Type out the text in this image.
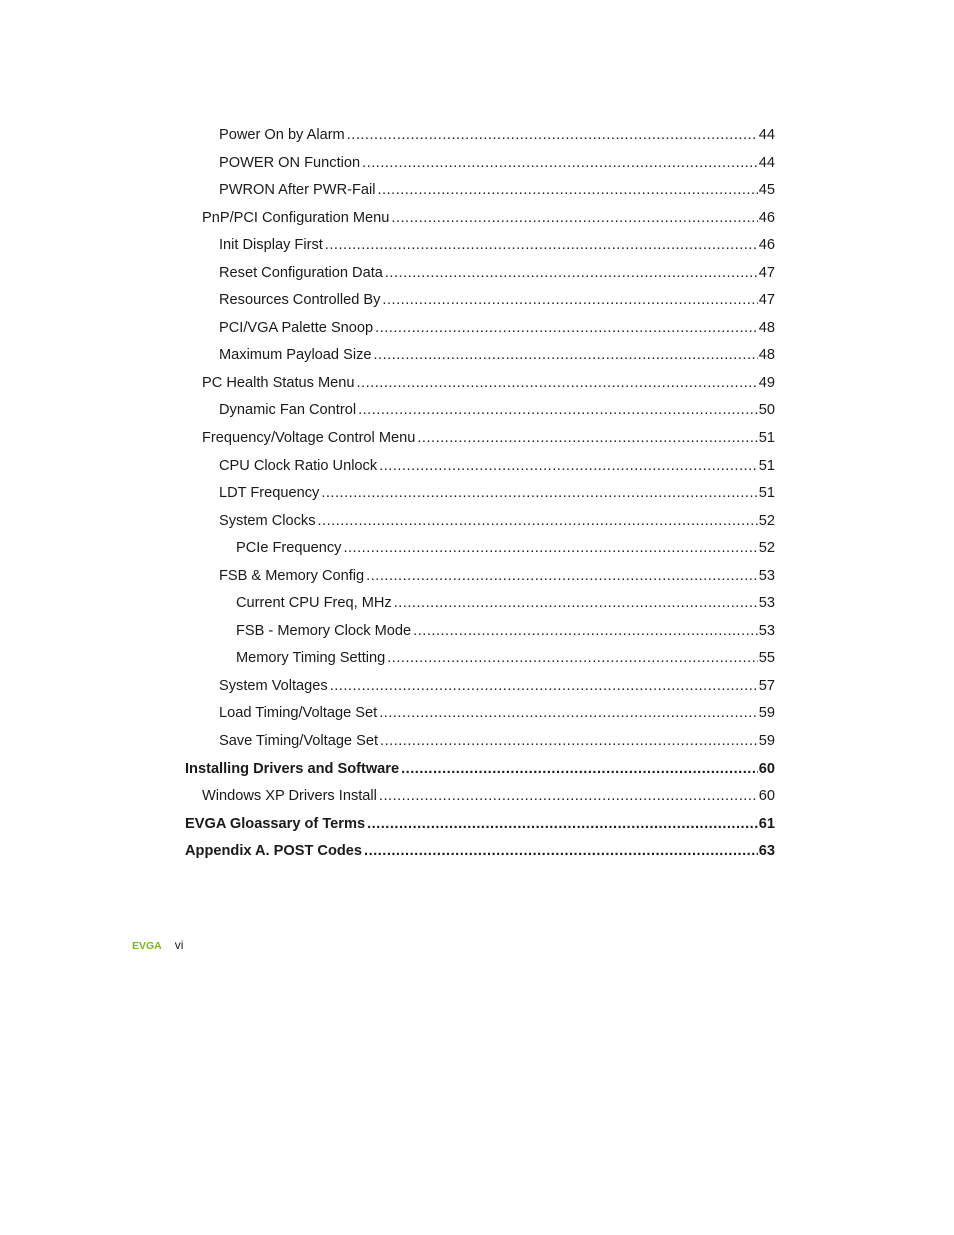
Power On by Alarm .....	44
POWER ON Function .....	44
PWRON After PWR-Fail .....	45
PnP/PCI Configuration Menu .....	46
Init Display First .....	46
Reset Configuration Data .....	47
Resources Controlled By .....	47
PCI/VGA Palette Snoop .....	48
Maximum Payload Size .....	48
PC Health Status Menu .....	49
Dynamic Fan Control .....	50
Frequency/Voltage Control Menu .....	51
CPU Clock Ratio Unlock .....	51
LDT Frequency .....	51
System Clocks .....	52
PCIe Frequency .....	52
FSB & Memory Config .....	53
Current CPU Freq, MHz .....	53
FSB - Memory Clock Mode .....	53
Memory Timing Setting .....	55
System Voltages .....	57
Load Timing/Voltage Set .....	59
Save Timing/Voltage Set .....	59
Installing Drivers and Software .....	60
Windows XP Drivers Install .....	60
EVGA Gloassary of Terms .....	61
Appendix A. POST Codes .....	63
EVGA vi
